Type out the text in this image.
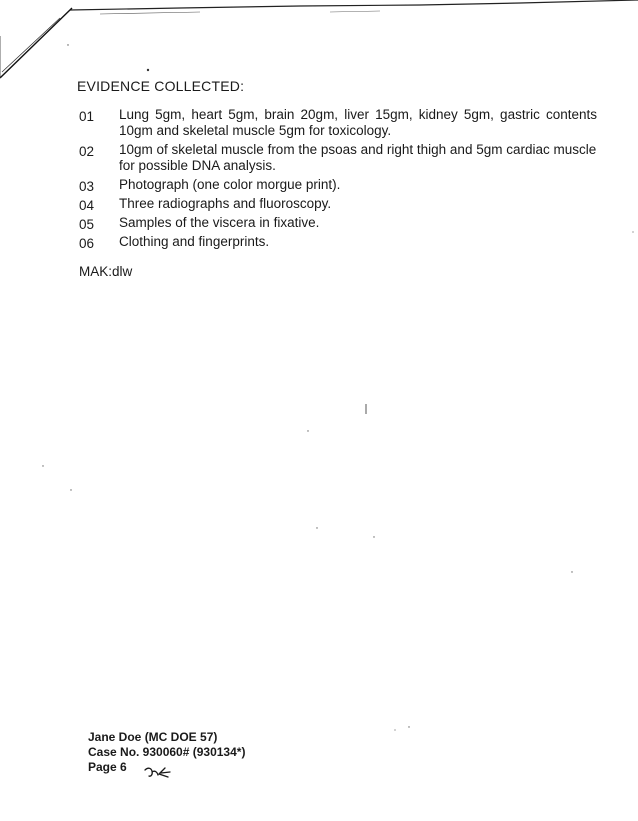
EVIDENCE COLLECTED:
01 Lung 5gm, heart 5gm, brain 20gm, liver 15gm, kidney 5gm, gastric contents 10gm and skeletal muscle 5gm for toxicology.
02 10gm of skeletal muscle from the psoas and right thigh and 5gm cardiac muscle for possible DNA analysis.
03 Photograph (one color morgue print).
04 Three radiographs and fluoroscopy.
05 Samples of the viscera in fixative.
06 Clothing and fingerprints.
MAK:dlw
Jane Doe (MC DOE 57)
Case No. 930060# (930134*)
Page 6
